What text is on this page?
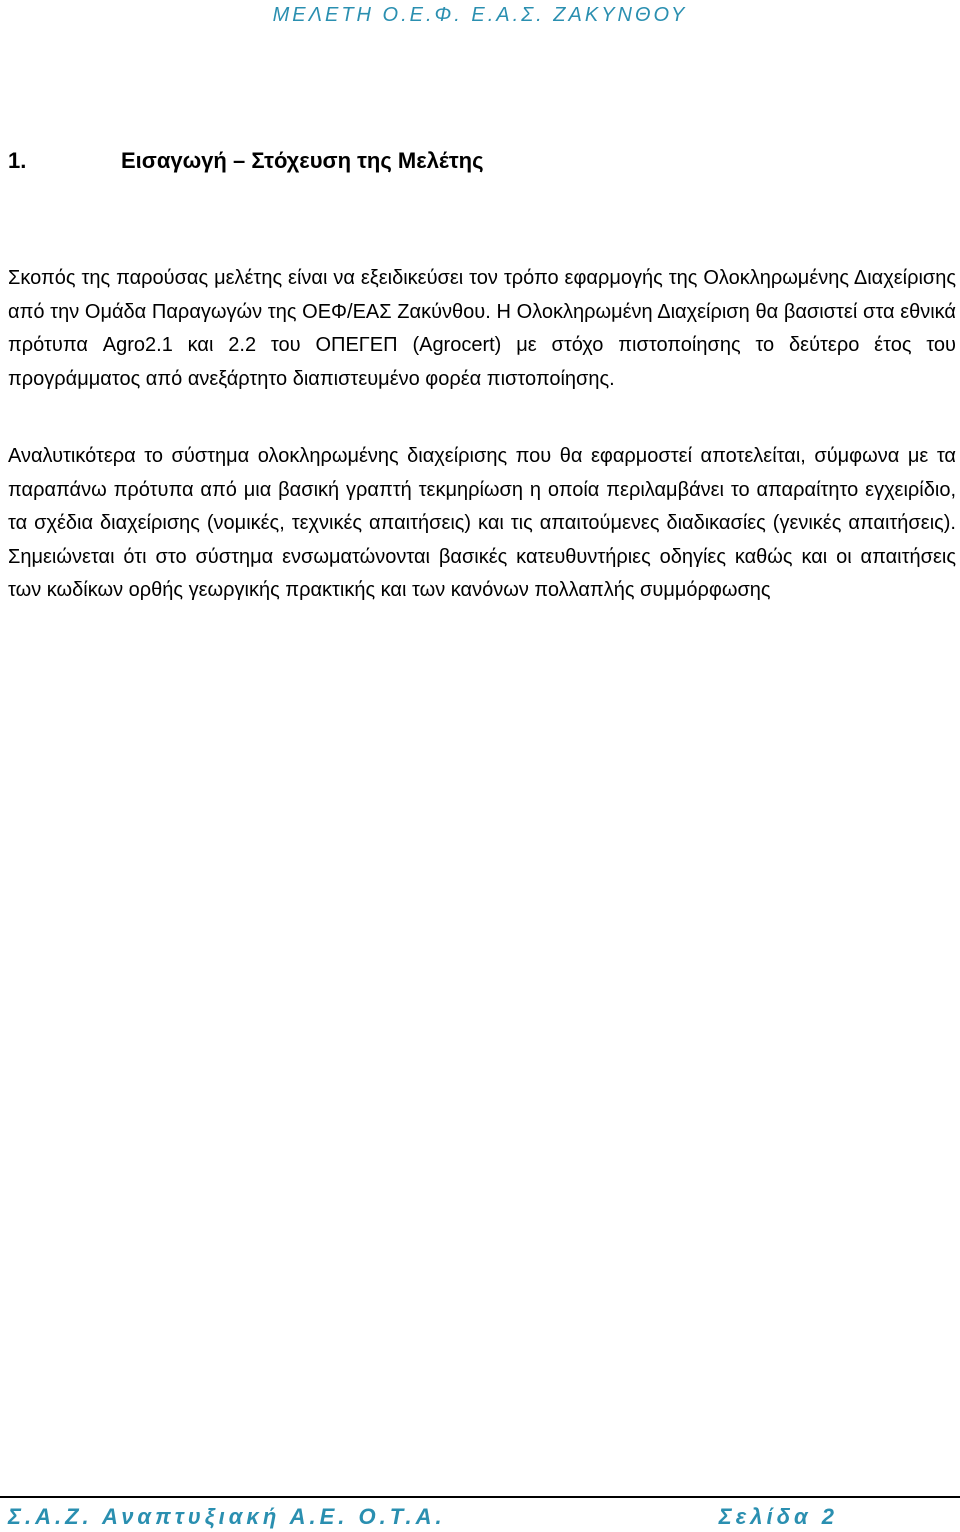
ΜΕΛΕΤΗ Ο.Ε.Φ. Ε.Α.Σ. ΖΑΚΥΝΘΟΥ
1.	Εισαγωγή – Στόχευση της Μελέτης

Σκοπός της παρούσας μελέτης είναι να εξειδικεύσει τον τρόπο εφαρμογής της Ολοκληρωμένης Διαχείρισης από την Ομάδα Παραγωγών της ΟΕΦ/ΕΑΣ Ζακύνθου. Η Ολοκληρωμένη Διαχείριση θα βασιστεί στα εθνικά πρότυπα Agro2.1 και 2.2 του ΟΠΕΓΕΠ (Agrocert) με στόχο πιστοποίησης το δεύτερο έτος του προγράμματος από ανεξάρτητο διαπιστευμένο φορέα πιστοποίησης.

Αναλυτικότερα το σύστημα ολοκληρωμένης διαχείρισης που θα εφαρμοστεί αποτελείται, σύμφωνα με τα παραπάνω πρότυπα από μια βασική γραπτή τεκμηρίωση η οποία περιλαμβάνει το απαραίτητο εγχειρίδιο, τα σχέδια διαχείρισης (νομικές, τεχνικές απαιτήσεις) και τις απαιτούμενες διαδικασίες (γενικές απαιτήσεις). Σημειώνεται ότι στο σύστημα ενσωματώνονται βασικές κατευθυντήριες οδηγίες καθώς και οι απαιτήσεις των κωδίκων ορθής γεωργικής πρακτικής και των κανόνων πολλαπλής συμμόρφωσης

Σ.Α.Ζ. Αναπτυξιακή Α.Ε. Ο.Τ.Α.	Σελίδα 2
